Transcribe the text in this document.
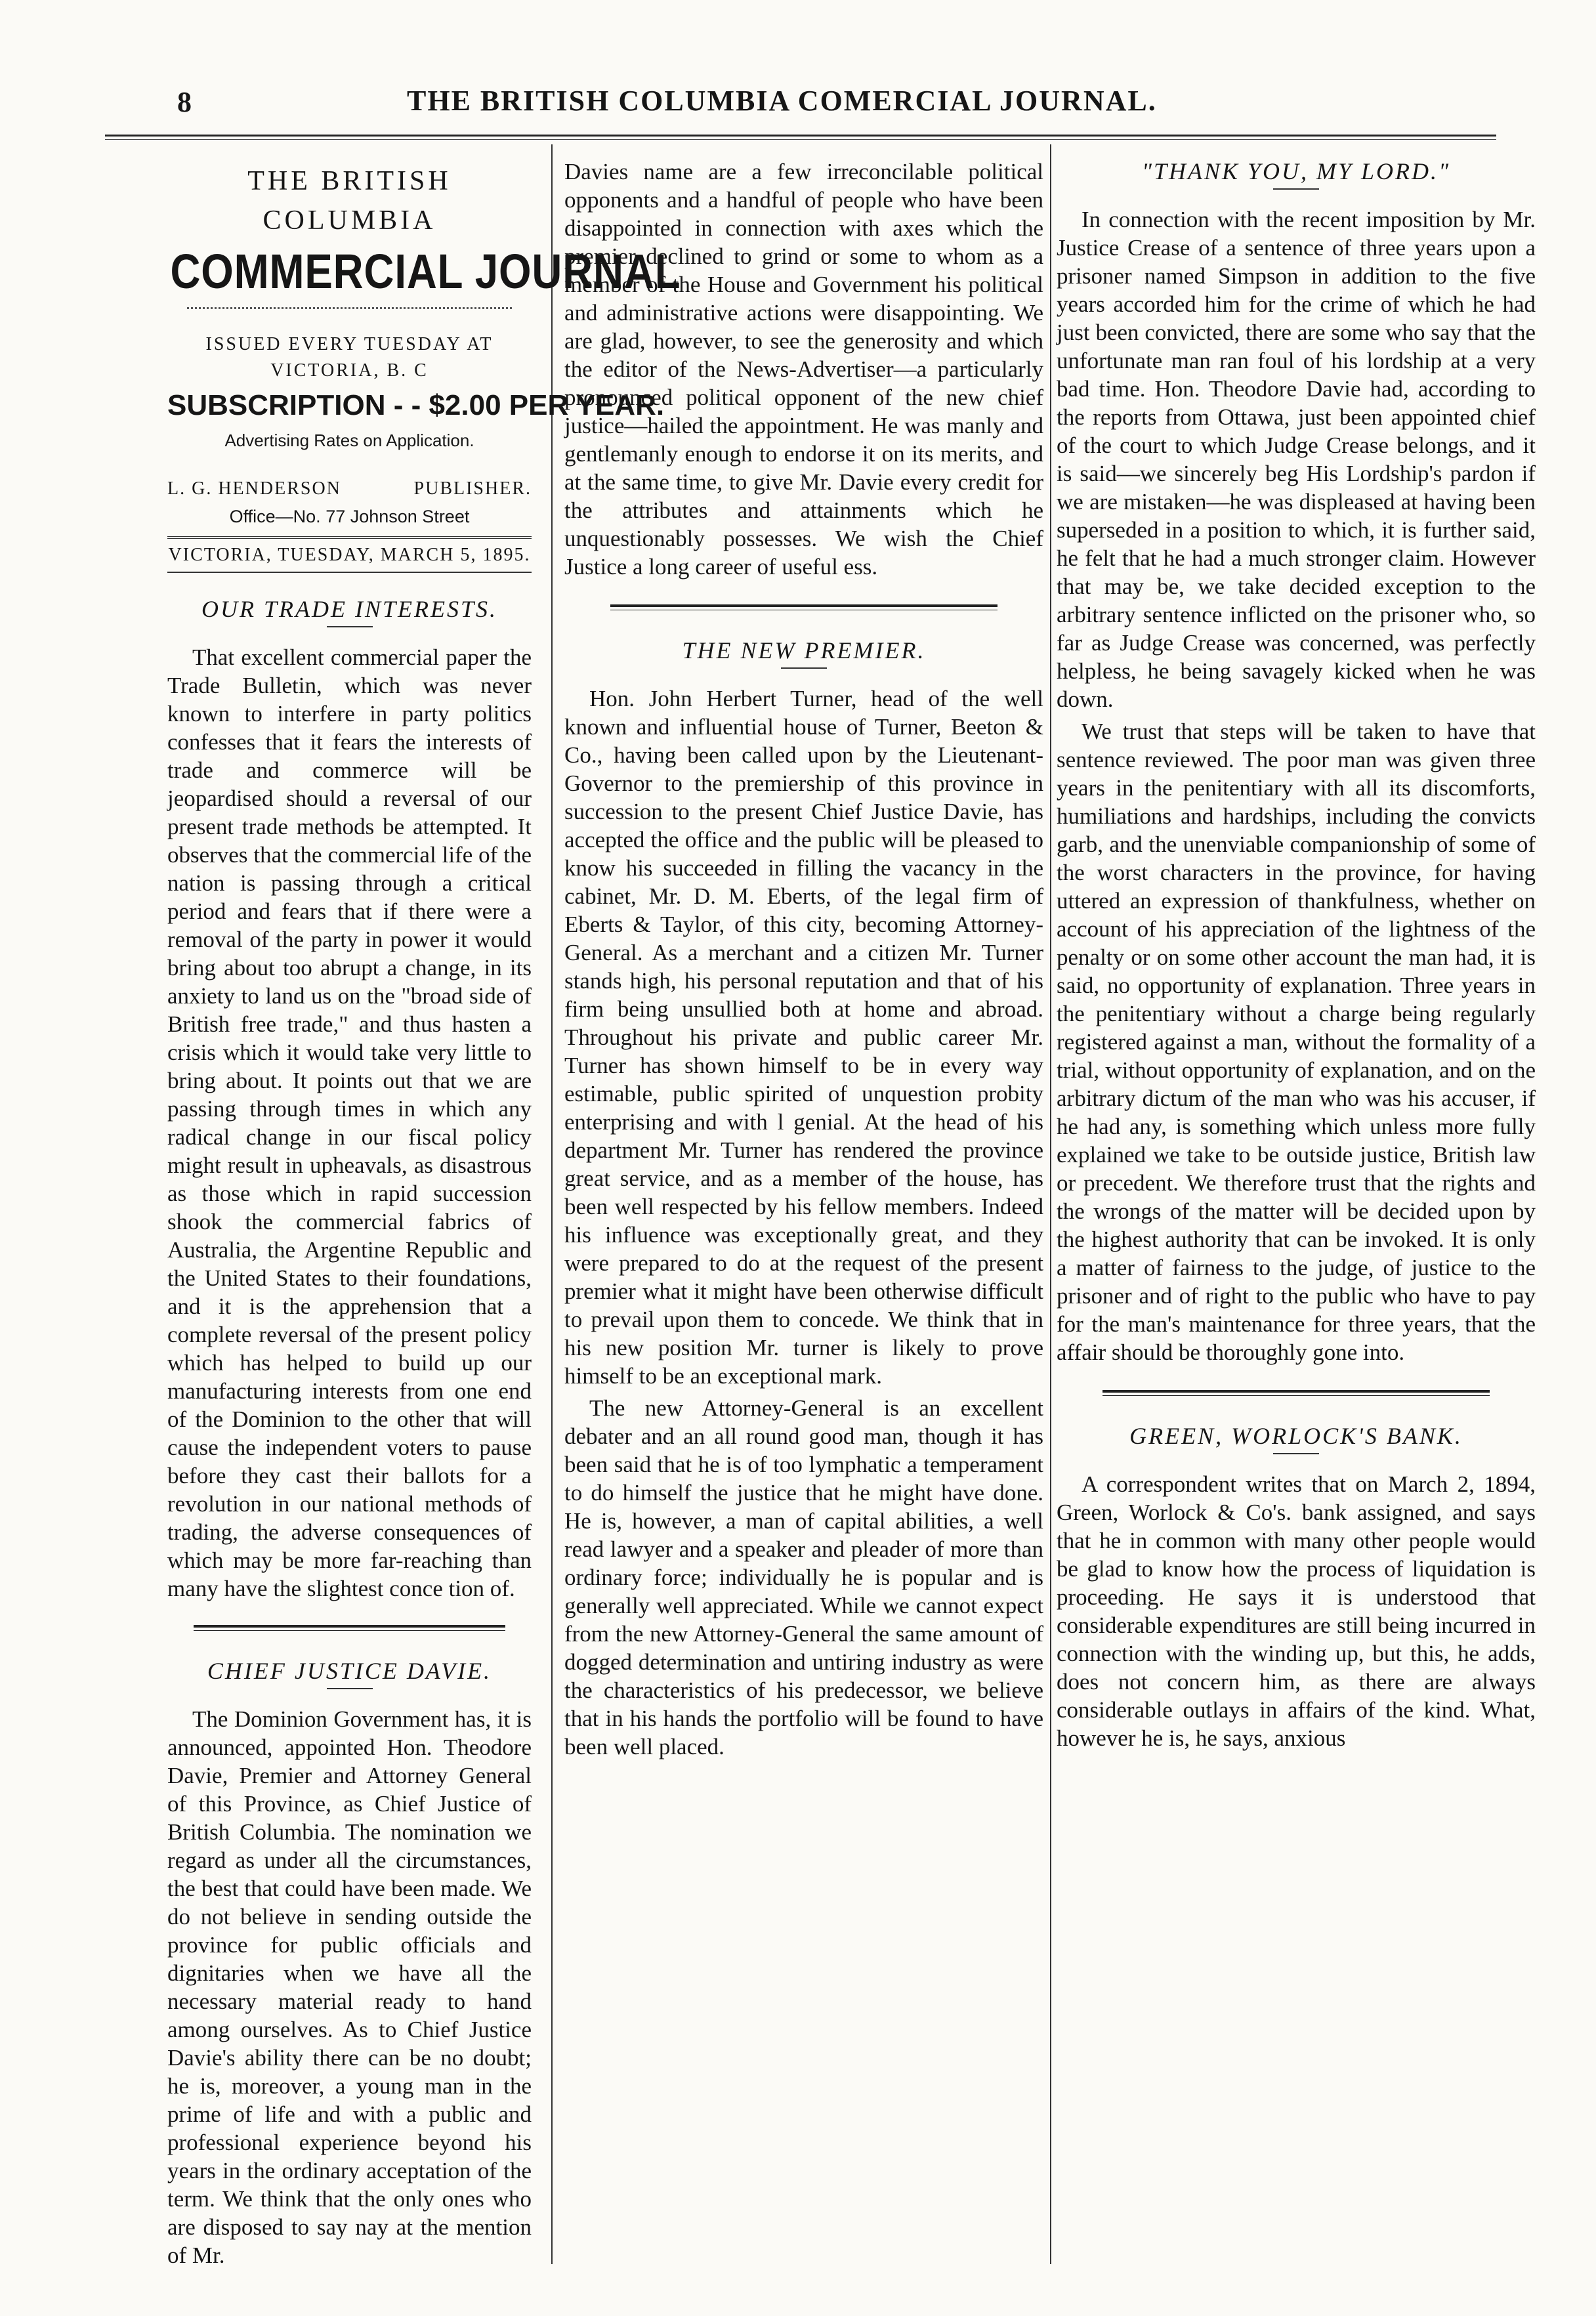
8	THE BRITISH COLUMBIA COMERCIAL JOURNAL.
THE BRITISH COLUMBIA
COMMERCIAL JOURNAL
ISSUED EVERY TUESDAY AT VICTORIA, B. C
SUBSCRIPTION - - $2.00 PER YEAR.
Advertising Rates on Application.
L. G. HENDERSON	PUBLISHER.
Office—No. 77 Johnson Street
VICTORIA, TUESDAY, MARCH 5, 1895.
OUR TRADE INTERESTS.

That excellent commercial paper the Trade Bulletin, which was never known to interfere in party politics confesses that it fears the interests of trade and commerce will be jeopardised should a reversal of our present trade methods be attempted. It observes that the commercial life of the nation is passing through a critical period and fears that if there were a removal of the party in power it would bring about too abrupt a change, in its anxiety to land us on the "broad side of British free trade," and thus hasten a crisis which it would take very little to bring about. It points out that we are passing through times in which any radical change in our fiscal policy might result in upheavals, as disastrous as those which in rapid succession shook the commercial fabrics of Australia, the Argentine Republic and the United States to their foundations, and it is the apprehension that a complete reversal of the present policy which has helped to build up our manufacturing interests from one end of the Dominion to the other that will cause the independent voters to pause before they cast their ballots for a revolution in our national methods of trading, the adverse consequences of which may be more far-reaching than many have the slightest conce tion of.

CHIEF JUSTICE DAVIE.

The Dominion Government has, it is announced, appointed Hon. Theodore Davie, Premier and Attorney General of this Province, as Chief Justice of British Columbia. The nomination we regard as under all the circumstances, the best that could have been made. We do not believe in sending outside the province for public officials and dignitaries when we have all the necessary material ready to hand among ourselves. As to Chief Justice Davie's ability there can be no doubt; he is, moreover, a young man in the prime of life and with a public and professional experience beyond his years in the ordinary acceptation of the term. We think that the only ones who are disposed to say nay at the mention of Mr.

Davies name are a few irreconcilable political opponents and a handful of people who have been disappointed in connection with axes which the premier declined to grind or some to whom as a member of the House and Government his political and administrative actions were disappointing. We are glad, however, to see the generosity and which the editor of the News-Advertiser—a particularly pronounced political opponent of the new chief justice—hailed the appointment. He was manly and gentlemanly enough to endorse it on its merits, and at the same time, to give Mr. Davie every credit for the attributes and attainments which he unquestionably possesses. We wish the Chief Justice a long career of useful ess.

THE NEW PREMIER.

Hon. John Herbert Turner, head of the well known and influential house of Turner, Beeton & Co., having been called upon by the Lieutenant-Governor to the premiership of this province in succession to the present Chief Justice Davie, has accepted the office and the public will be pleased to know his succeeded in filling the vacancy in the cabinet, Mr. D. M. Eberts, of the legal firm of Eberts & Taylor, of this city, becoming Attorney-General. As a merchant and a citizen Mr. Turner stands high, his personal reputation and that of his firm being unsullied both at home and abroad. Throughout his private and public career Mr. Turner has shown himself to be in every way estimable, public spirited of unquestion probity enterprising and with l genial. At the head of his department Mr. Turner has rendered the province great service, and as a member of the house, has been well respected by his fellow members. Indeed his influence was exceptionally great, and they were prepared to do at the request of the present premier what it might have been otherwise difficult to prevail upon them to concede. We think that in his new position Mr. turner is likely to prove himself to be an exceptional mark.

The new Attorney-General is an excellent debater and an all round good man, though it has been said that he is of too lymphatic a temperament to do himself the justice that he might have done. He is, however, a man of capital abilities, a well read lawyer and a speaker and pleader of more than ordinary force; individually he is popular and is generally well appreciated. While we cannot expect from the new Attorney-General the same amount of dogged determination and untiring industry as were the characteristics of his predecessor, we believe that in his hands the portfolio will be found to have been well placed.

"THANK YOU, MY LORD."

In connection with the recent imposition by Mr. Justice Crease of a sentence of three years upon a prisoner named Simpson in addition to the five years accorded him for the crime of which he had just been convicted, there are some who say that the unfortunate man ran foul of his lordship at a very bad time. Hon. Theodore Davie had, according to the reports from Ottawa, just been appointed chief of the court to which Judge Crease belongs, and it is said—we sincerely beg His Lordship's pardon if we are mistaken—he was displeased at having been superseded in a position to which, it is further said, he felt that he had a much stronger claim. However that may be, we take decided exception to the arbitrary sentence inflicted on the prisoner who, so far as Judge Crease was concerned, was perfectly helpless, he being savagely kicked when he was down.

We trust that steps will be taken to have that sentence reviewed. The poor man was given three years in the penitentiary with all its discomforts, humiliations and hardships, including the convicts garb, and the unenviable companionship of some of the worst characters in the province, for having uttered an expression of thankfulness, whether on account of his appreciation of the lightness of the penalty or on some other account the man had, it is said, no opportunity of explanation. Three years in the penitentiary without a charge being regularly registered against a man, without the formality of a trial, without opportunity of explanation, and on the arbitrary dictum of the man who was his accuser, if he had any, is something which unless more fully explained we take to be outside justice, British law or precedent. We therefore trust that the rights and the wrongs of the matter will be decided upon by the highest authority that can be invoked. It is only a matter of fairness to the judge, of justice to the prisoner and of right to the public who have to pay for the man's maintenance for three years, that the affair should be thoroughly gone into.

GREEN, WORLOCK'S BANK.

A correspondent writes that on March 2, 1894, Green, Worlock & Co's. bank assigned, and says that he in common with many other people would be glad to know how the process of liquidation is proceeding. He says it is understood that considerable expenditures are still being incurred in connection with the winding up, but this, he adds, does not concern him, as there are always considerable outlays in affairs of the kind. What, however he is, he says, anxious
